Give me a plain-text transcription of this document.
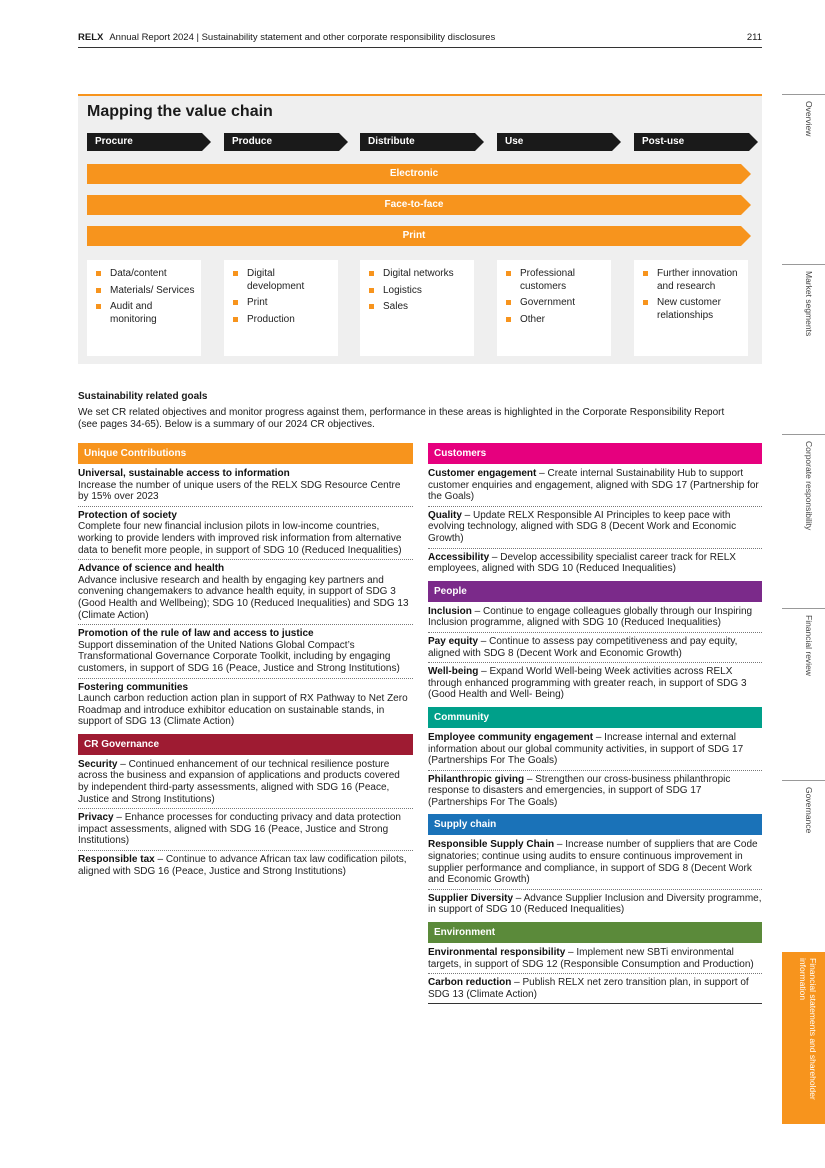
RELX Annual Report 2024 | Sustainability statement and other corporate responsibility disclosures	211
Overview
Market segments
Corporate responsibility
Financial review
Governance
Financial statements and shareholder information
Mapping the value chain
Procure	Produce	Distribute	Use	Post-use
Electronic
Face-to-face
Print
Data/content
Materials/ Services
Audit and monitoring
Digital development
Print
Production
Digital networks
Logistics
Sales
Professional customers
Government
Other
Further innovation and research
New customer relationships
Sustainability related goals
We set CR related objectives and monitor progress against them, performance in these areas is highlighted in the Corporate Responsibility Report (see pages 34-65). Below is a summary of our 2024 CR objectives.
Unique Contributions
Universal, sustainable access to information
Increase the number of unique users of the RELX SDG Resource Centre by 15% over 2023
Protection of society
Complete four new financial inclusion pilots in low-income countries, working to provide lenders with improved risk information from alternative data to benefit more people, in support of SDG 10 (Reduced Inequalities)
Advance of science and health
Advance inclusive research and health by engaging key partners and convening changemakers to advance health equity, in support of SDG 3 (Good Health and Wellbeing); SDG 10 (Reduced Inequalities) and SDG 13 (Climate Action)
Promotion of the rule of law and access to justice
Support dissemination of the United Nations Global Compact’s Transformational Governance Corporate Toolkit, including by engaging customers, in support of SDG 16 (Peace, Justice and Strong Institutions)
Fostering communities
Launch carbon reduction action plan in support of RX Pathway to Net Zero Roadmap and introduce exhibitor education on sustainable stands, in support of SDG 13 (Climate Action)
CR Governance
Security – Continued enhancement of our technical resilience posture across the business and expansion of applications and products covered by independent third-party assessments, aligned with SDG 16 (Peace, Justice and Strong Institutions)
Privacy – Enhance processes for conducting privacy and data protection impact assessments, aligned with SDG 16 (Peace, Justice and Strong Institutions)
Responsible tax – Continue to advance African tax law codification pilots, aligned with SDG 16 (Peace, Justice and Strong Institutions)
Customers
Customer engagement – Create internal Sustainability Hub to support customer enquiries and engagement, aligned with SDG 17 (Partnership for the Goals)
Quality – Update RELX Responsible AI Principles to keep pace with evolving technology, aligned with SDG 8 (Decent Work and Economic Growth)
Accessibility – Develop accessibility specialist career track for RELX employees, aligned with SDG 10 (Reduced Inequalities)
People
Inclusion – Continue to engage colleagues globally through our Inspiring Inclusion programme, aligned with SDG 10 (Reduced Inequalities)
Pay equity – Continue to assess pay competitiveness and pay equity, aligned with SDG 8 (Decent Work and Economic Growth)
Well-being – Expand World Well-being Week activities across RELX through enhanced programming with greater reach, in support of SDG 3 (Good Health and Well- Being)
Community
Employee community engagement – Increase internal and external information about our global community activities, in support of SDG 17 (Partnerships For The Goals)
Philanthropic giving – Strengthen our cross-business philanthropic response to disasters and emergencies, in support of SDG 17 (Partnerships For The Goals)
Supply chain
Responsible Supply Chain – Increase number of suppliers that are Code signatories; continue using audits to ensure continuous improvement in supplier performance and compliance, in support of SDG 8 (Decent Work and Economic Growth)
Supplier Diversity – Advance Supplier Inclusion and Diversity programme, in support of SDG 10 (Reduced Inequalities)
Environment
Environmental responsibility – Implement new SBTi environmental targets, in support of SDG 12 (Responsible Consumption and Production)
Carbon reduction – Publish RELX net zero transition plan, in support of SDG 13 (Climate Action)
